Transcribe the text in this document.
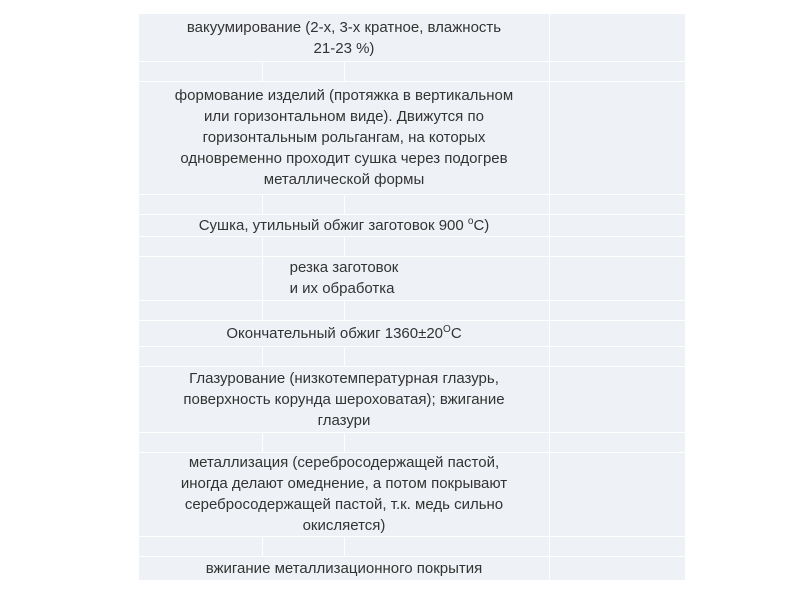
вакуумирование (2-х, 3-х кратное, влажность
21-23 %)
формование изделий (протяжка в вертикальном
или горизонтальном виде). Движутся по
горизонтальным рольгангам, на которых
одновременно проходит сушка через подогрев
металлической формы
Сушка, утильный обжиг заготовок 900 $^о$С)
резка заготовок
и их обработка
Окончательный обжиг $1360\pm 20^ОС$
Глазурование (низкотемпературная глазурь,
поверхность корунда шероховатая); вжигание
глазури
металлизация (серебросодержащей пастой,
иногда делают омеднение, а потом покрывают
серебросодержащей пастой, т.к. медь сильно
окисляется)
вжигание металлизационного покрытия
